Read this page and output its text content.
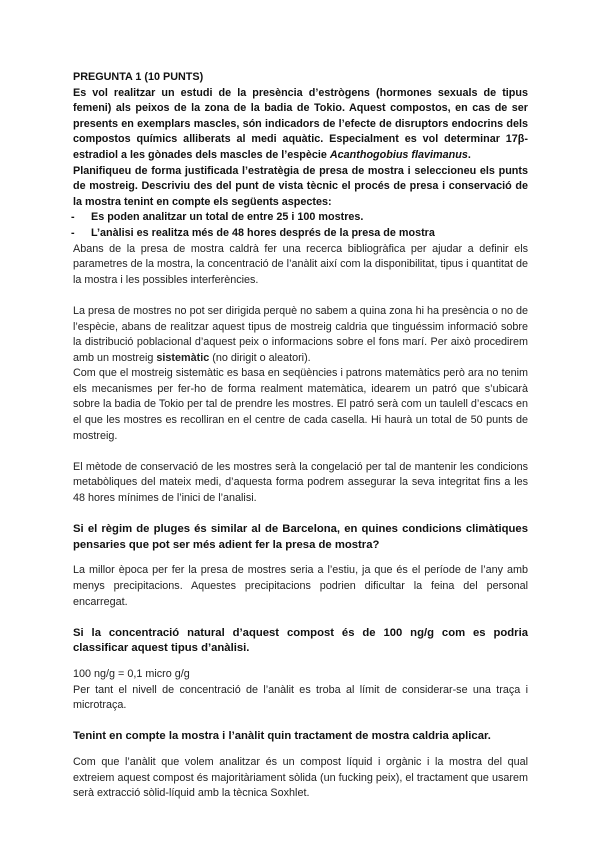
PREGUNTA 1 (10 PUNTS)

Es vol realitzar un estudi de la presència d’estrògens (hormones sexuals de tipus femeni) als peixos de la zona de la badia de Tokio. Aquest compostos, en cas de ser presents en exemplars mascles, són indicadors de l’efecte de disruptors endocrins dels compostos químics alliberats al medi aquàtic. Especialment es vol determinar 17β-estradiol a les gònades dels mascles de l’espècie Acanthogobius flavimanus.

Planifiqueu de forma justificada l’estratègia de presa de mostra i seleccioneu els punts de mostreig. Descriviu des del punt de vista tècnic el procés de presa i conservació de la mostra tenint en compte els següents aspectes:

-	Es poden analitzar un total de entre 25 i 100 mostres.
-	L’anàlisi es realitza més de 48 hores després de la presa de mostra

Abans de la presa de mostra caldrà fer una recerca bibliogràfica per ajudar a definir els parametres de la mostra, la concentració de l’anàlit així com la disponibilitat, tipus i quantitat de la mostra i les possibles interferències.

La presa de mostres no pot ser dirigida perquè no sabem a quina zona hi ha presència o no de l’espècie, abans de realitzar aquest tipus de mostreig caldria que tinguéssim informació sobre la distribució poblacional d’aquest peix o informacions sobre el fons marí. Per això procedirem amb un mostreig sistemàtic (no dirigit o aleatori).

Com que el mostreig sistemàtic es basa en seqüències i patrons matemàtics però ara no tenim els mecanismes per fer-ho de forma realment matemàtica, idearem un patró que s’ubicarà sobre la badia de Tokio per tal de prendre les mostres. El patró serà com un taulell d’escacs en el que les mostres es recolliran en el centre de cada casella. Hi haurà un total de 50 punts de mostreig.

El mètode de conservació de les mostres serà la congelació per tal de mantenir les condicions metabòliques del mateix medi, d’aquesta forma podrem assegurar la seva integritat fins a les 48 hores mínimes de l’inici de l’analisi.

Si el règim de pluges és similar al de Barcelona, en quines condicions climàtiques pensaries que pot ser més adient fer la presa de mostra?

La millor època per fer la presa de mostres seria a l’estiu, ja que és el període de l’any amb menys precipitacions. Aquestes precipitacions podrien dificultar la feina del personal encarregat.

Si la concentració natural d’aquest compost és de 100 ng/g com es podria classificar aquest tipus d’anàlisi.

100 ng/g = 0,1 micro g/g

Per tant el nivell de concentració de l’anàlit es troba al límit de considerar-se una traça i microtraça.

Tenint en compte la mostra i l’anàlit quin tractament de mostra caldria aplicar.

Com que l’anàlit que volem analitzar és un compost líquid i orgànic i la mostra del qual extreiem aquest compost és majoritàriament sòlida (un fucking peix), el tractament que usarem serà extracció sòlid-líquid amb la tècnica Soxhlet.
